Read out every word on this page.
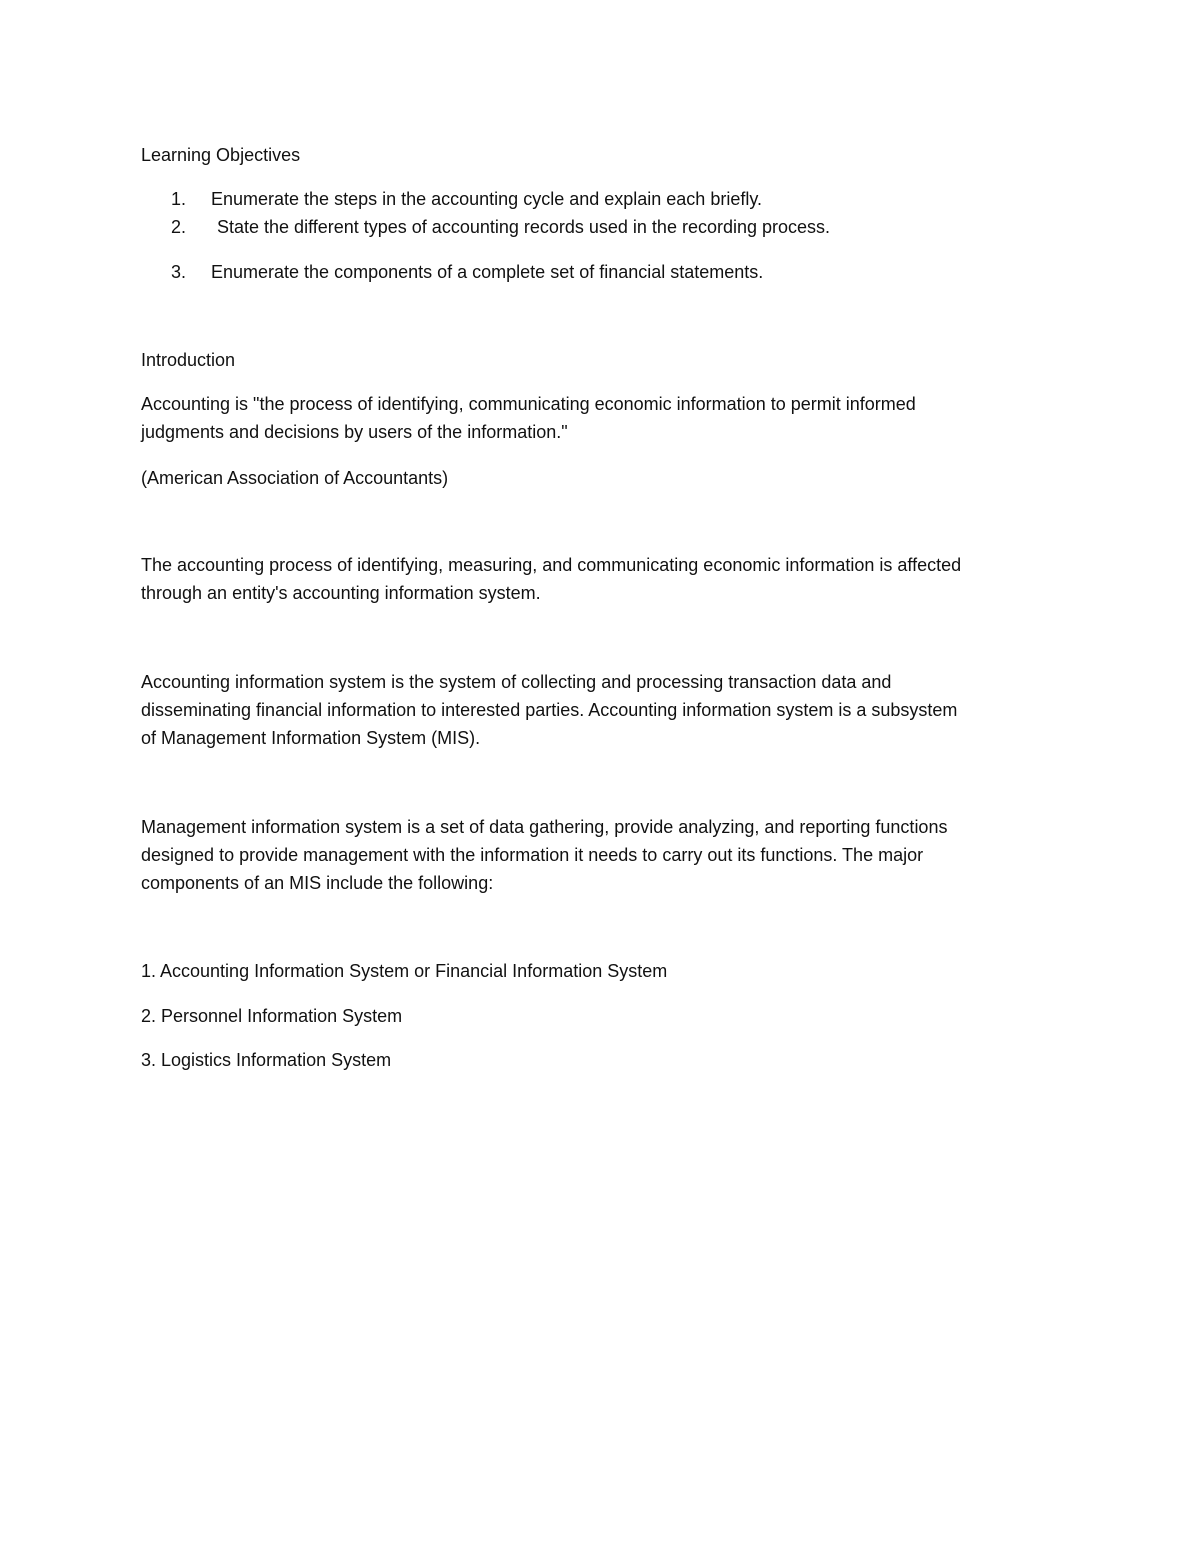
Learning Objectives
1.	Enumerate the steps in the accounting cycle and explain each briefly.
2.	State the different types of accounting records used in the recording process.
3.	Enumerate the components of a complete set of financial statements.
Introduction
Accounting is "the process of identifying, communicating economic information to permit informed
judgments and decisions by users of the information."
(American Association of Accountants)
The accounting process of identifying, measuring, and communicating economic information is affected
through an entity's accounting information system.
Accounting information system is the system of collecting and processing transaction data and
disseminating financial information to interested parties. Accounting information system is a subsystem
of Management Information System (MIS).
Management information system is a set of data gathering, provide analyzing, and reporting functions
designed to provide management with the information it needs to carry out its functions. The major
components of an MIS include the following:
1. Accounting Information System or Financial Information System
2. Personnel Information System
3. Logistics Information System
